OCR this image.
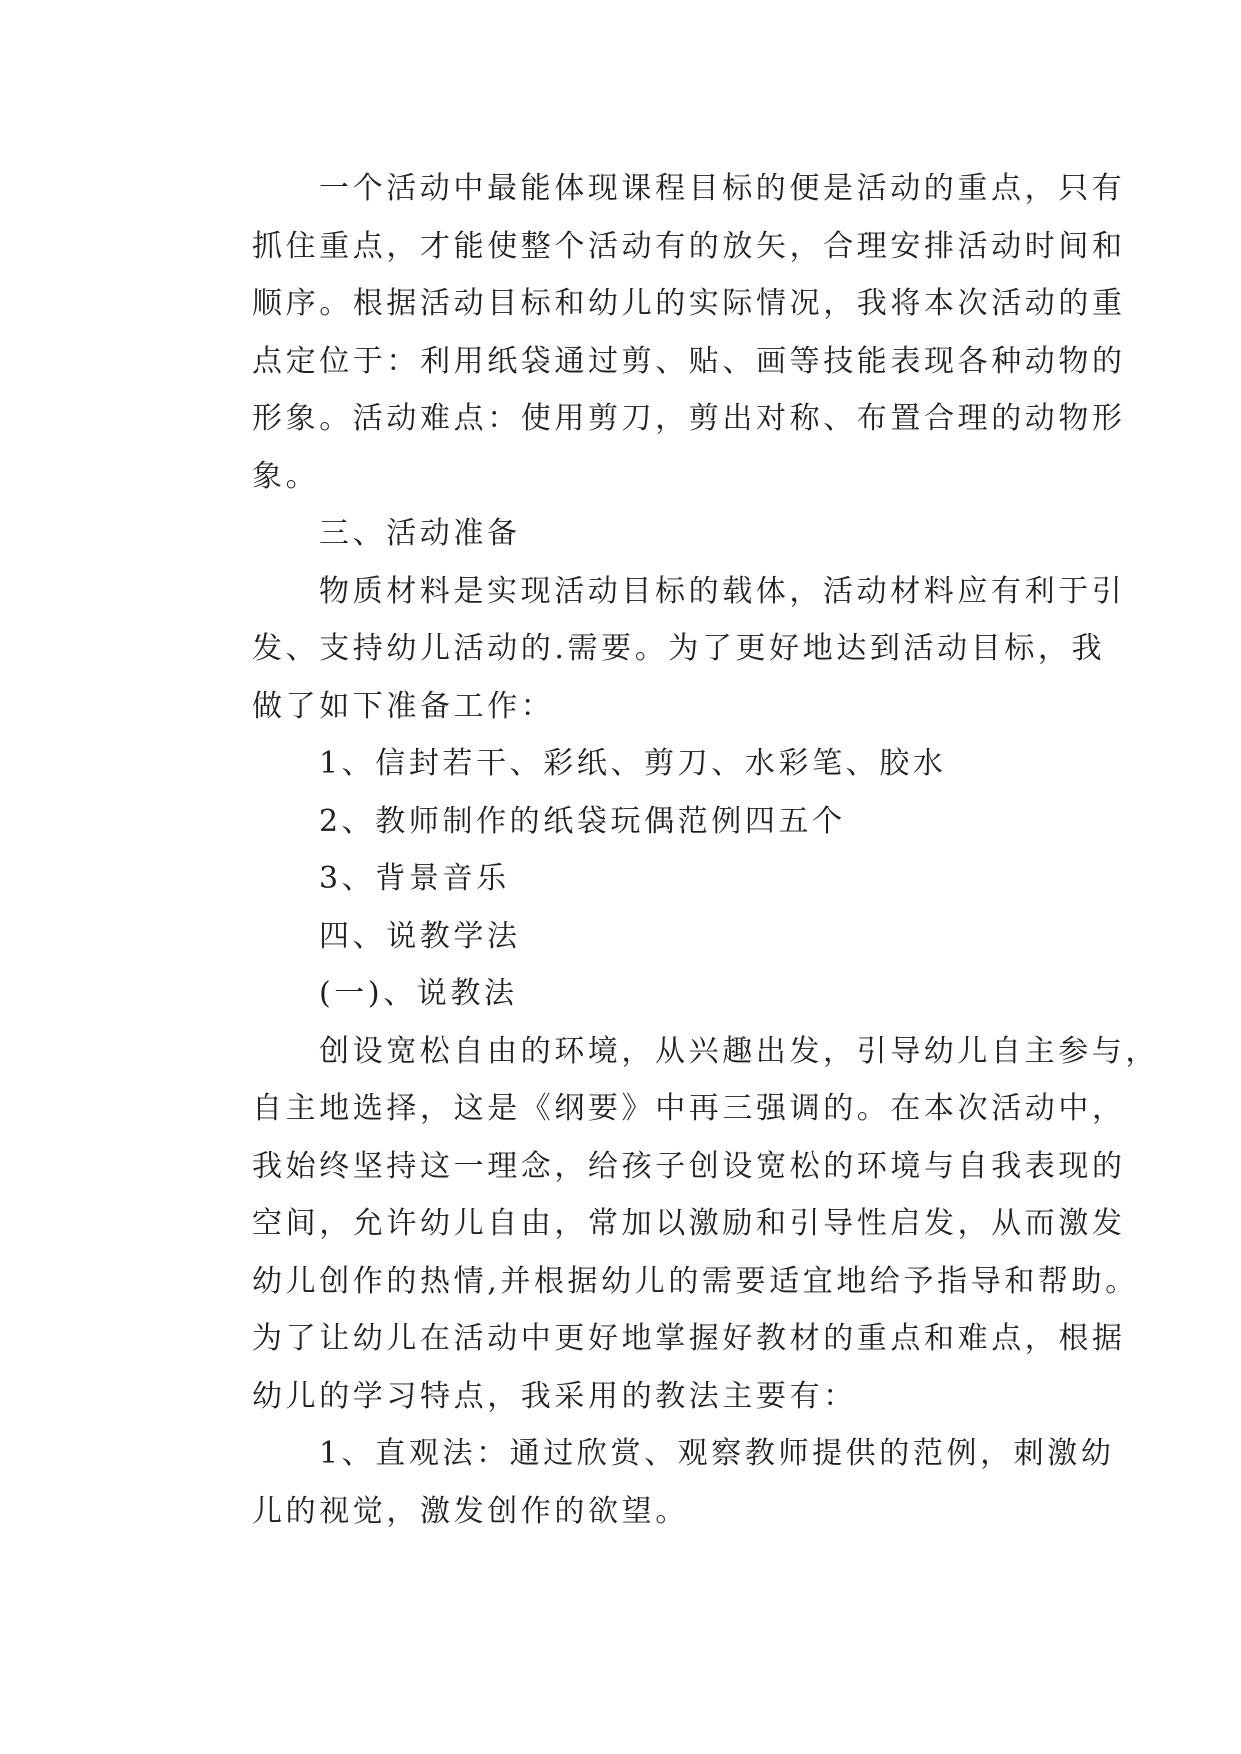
一个活动中最能体现课程目标的便是活动的重点，只有
抓住重点，才能使整个活动有的放矢，合理安排活动时间和
顺序。根据活动目标和幼儿的实际情况，我将本次活动的重
点定位于：利用纸袋通过剪、贴、画等技能表现各种动物的
形象。活动难点：使用剪刀，剪出对称、布置合理的动物形
象。

三、活动准备

物质材料是实现活动目标的载体，活动材料应有利于引
发、支持幼儿活动的.需要。为了更好地达到活动目标，我
做了如下准备工作：

1、信封若干、彩纸、剪刀、水彩笔、胶水

2、教师制作的纸袋玩偶范例四五个

3、背景音乐

四、说教学法

(一)、说教法

创设宽松自由的环境，从兴趣出发，引导幼儿自主参与，
自主地选择，这是《纲要》中再三强调的。在本次活动中，
我始终坚持这一理念，给孩子创设宽松的环境与自我表现的
空间，允许幼儿自由，常加以激励和引导性启发，从而激发
幼儿创作的热情,并根据幼儿的需要适宜地给予指导和帮助。
为了让幼儿在活动中更好地掌握好教材的重点和难点，根据
幼儿的学习特点，我采用的教法主要有：

1、直观法：通过欣赏、观察教师提供的范例，刺激幼
儿的视觉，激发创作的欲望。
